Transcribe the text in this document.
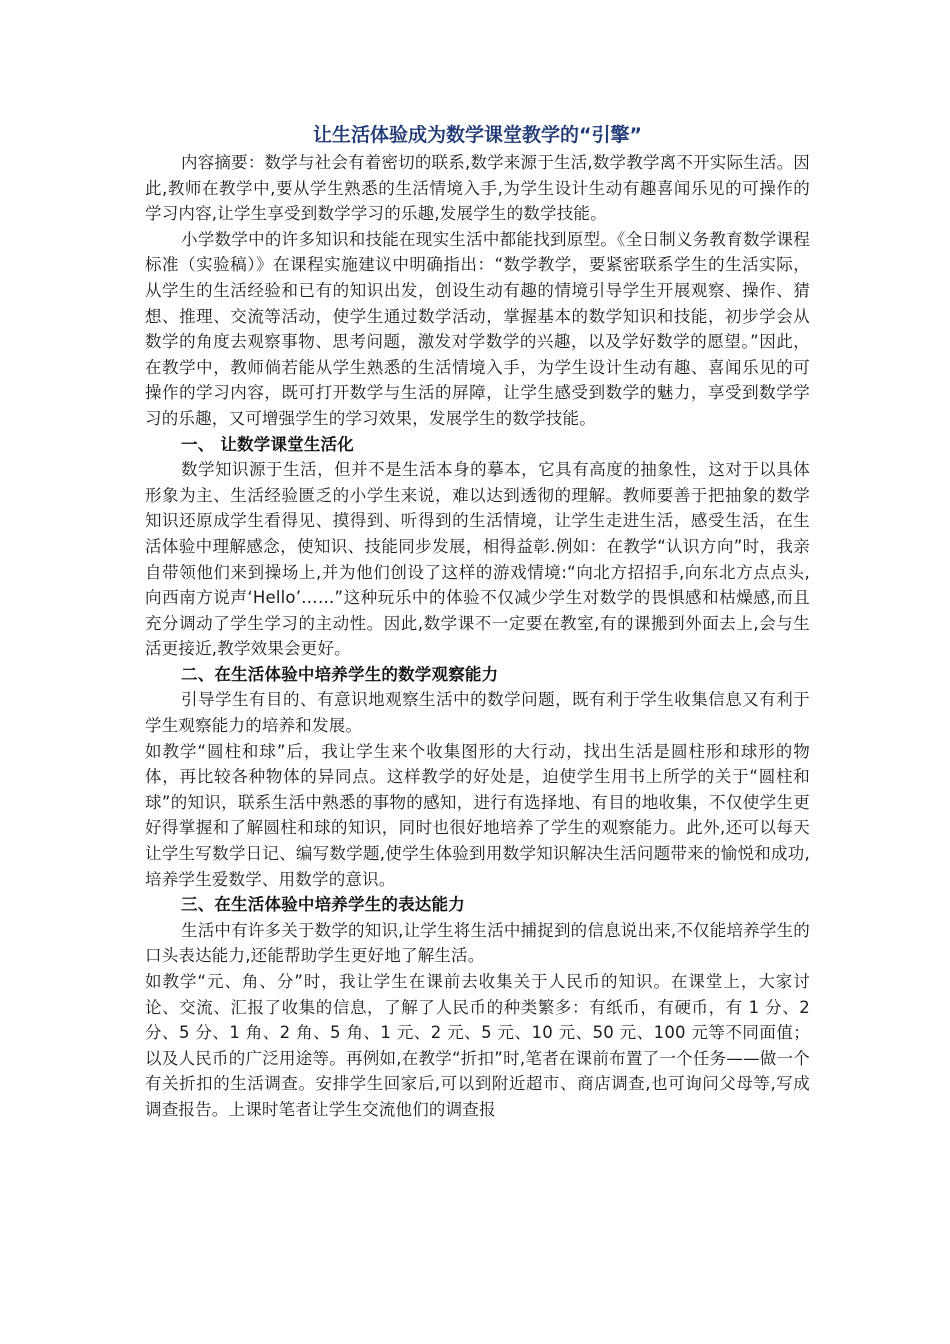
让生活体验成为数学课堂教学的“引擎”

内容摘要：数学与社会有着密切的联系,数学来源于生活,数学教学离不开实际生活。因此,教师在教学中,要从学生熟悉的生活情境入手,为学生设计生动有趣喜闻乐见的可操作的学习内容,让学生享受到数学学习的乐趣,发展学生的数学技能。

小学数学中的许多知识和技能在现实生活中都能找到原型。《全日制义务教育数学课程标准（实验稿）》在课程实施建议中明确指出：“数学教学，要紧密联系学生的生活实际，从学生的生活经验和已有的知识出发，创设生动有趣的情境引导学生开展观察、操作、猜想、推理、交流等活动，使学生通过数学活动，掌握基本的数学知识和技能，初步学会从数学的角度去观察事物、思考问题，激发对学数学的兴趣，以及学好数学的愿望。”因此，在教学中，教师倘若能从学生熟悉的生活情境入手，为学生设计生动有趣、喜闻乐见的可操作的学习内容，既可打开数学与生活的屏障，让学生感受到数学的魅力，享受到数学学习的乐趣，又可增强学生的学习效果，发展学生的数学技能。

一、 让数学课堂生活化

数学知识源于生活，但并不是生活本身的摹本，它具有高度的抽象性，这对于以具体形象为主、生活经验匮乏的小学生来说，难以达到透彻的理解。教师要善于把抽象的数学知识还原成学生看得见、摸得到、听得到的生活情境，让学生走进生活，感受生活，在生活体验中理解感念，使知识、技能同步发展，相得益彰.例如：在教学“认识方向”时，我亲自带领他们来到操场上,并为他们创设了这样的游戏情境:“向北方招招手,向东北方点点头,向西南方说声‘Hello’……”这种玩乐中的体验不仅减少学生对数学的畏惧感和枯燥感,而且充分调动了学生学习的主动性。因此,数学课不一定要在教室,有的课搬到外面去上,会与生活更接近,教学效果会更好。

二、在生活体验中培养学生的数学观察能力

引导学生有目的、有意识地观察生活中的数学问题，既有利于学生收集信息又有利于学生观察能力的培养和发展。

如教学“圆柱和球”后，我让学生来个收集图形的大行动，找出生活是圆柱形和球形的物体，再比较各种物体的异同点。这样教学的好处是，迫使学生用书上所学的关于“圆柱和球”的知识，联系生活中熟悉的事物的感知，进行有选择地、有目的地收集，不仅使学生更好得掌握和了解圆柱和球的知识，同时也很好地培养了学生的观察能力。此外,还可以每天让学生写数学日记、编写数学题,使学生体验到用数学知识解决生活问题带来的愉悦和成功,培养学生爱数学、用数学的意识。

三、在生活体验中培养学生的表达能力

生活中有许多关于数学的知识,让学生将生活中捕捉到的信息说出来,不仅能培养学生的口头表达能力,还能帮助学生更好地了解生活。

如教学“元、角、分”时，我让学生在课前去收集关于人民币的知识。在课堂上，大家讨论、交流、汇报了收集的信息，了解了人民币的种类繁多：有纸币，有硬币，有 1 分、2 分、5 分、1 角、2 角、5 角、1 元、2 元、5 元、10 元、50 元、100 元等不同面值；以及人民币的广泛用途等。再例如,在教学“折扣”时,笔者在课前布置了一个任务——做一个有关折扣的生活调查。安排学生回家后,可以到附近超市、商店调查,也可询问父母等,写成调查报告。上课时笔者让学生交流他们的调查报
